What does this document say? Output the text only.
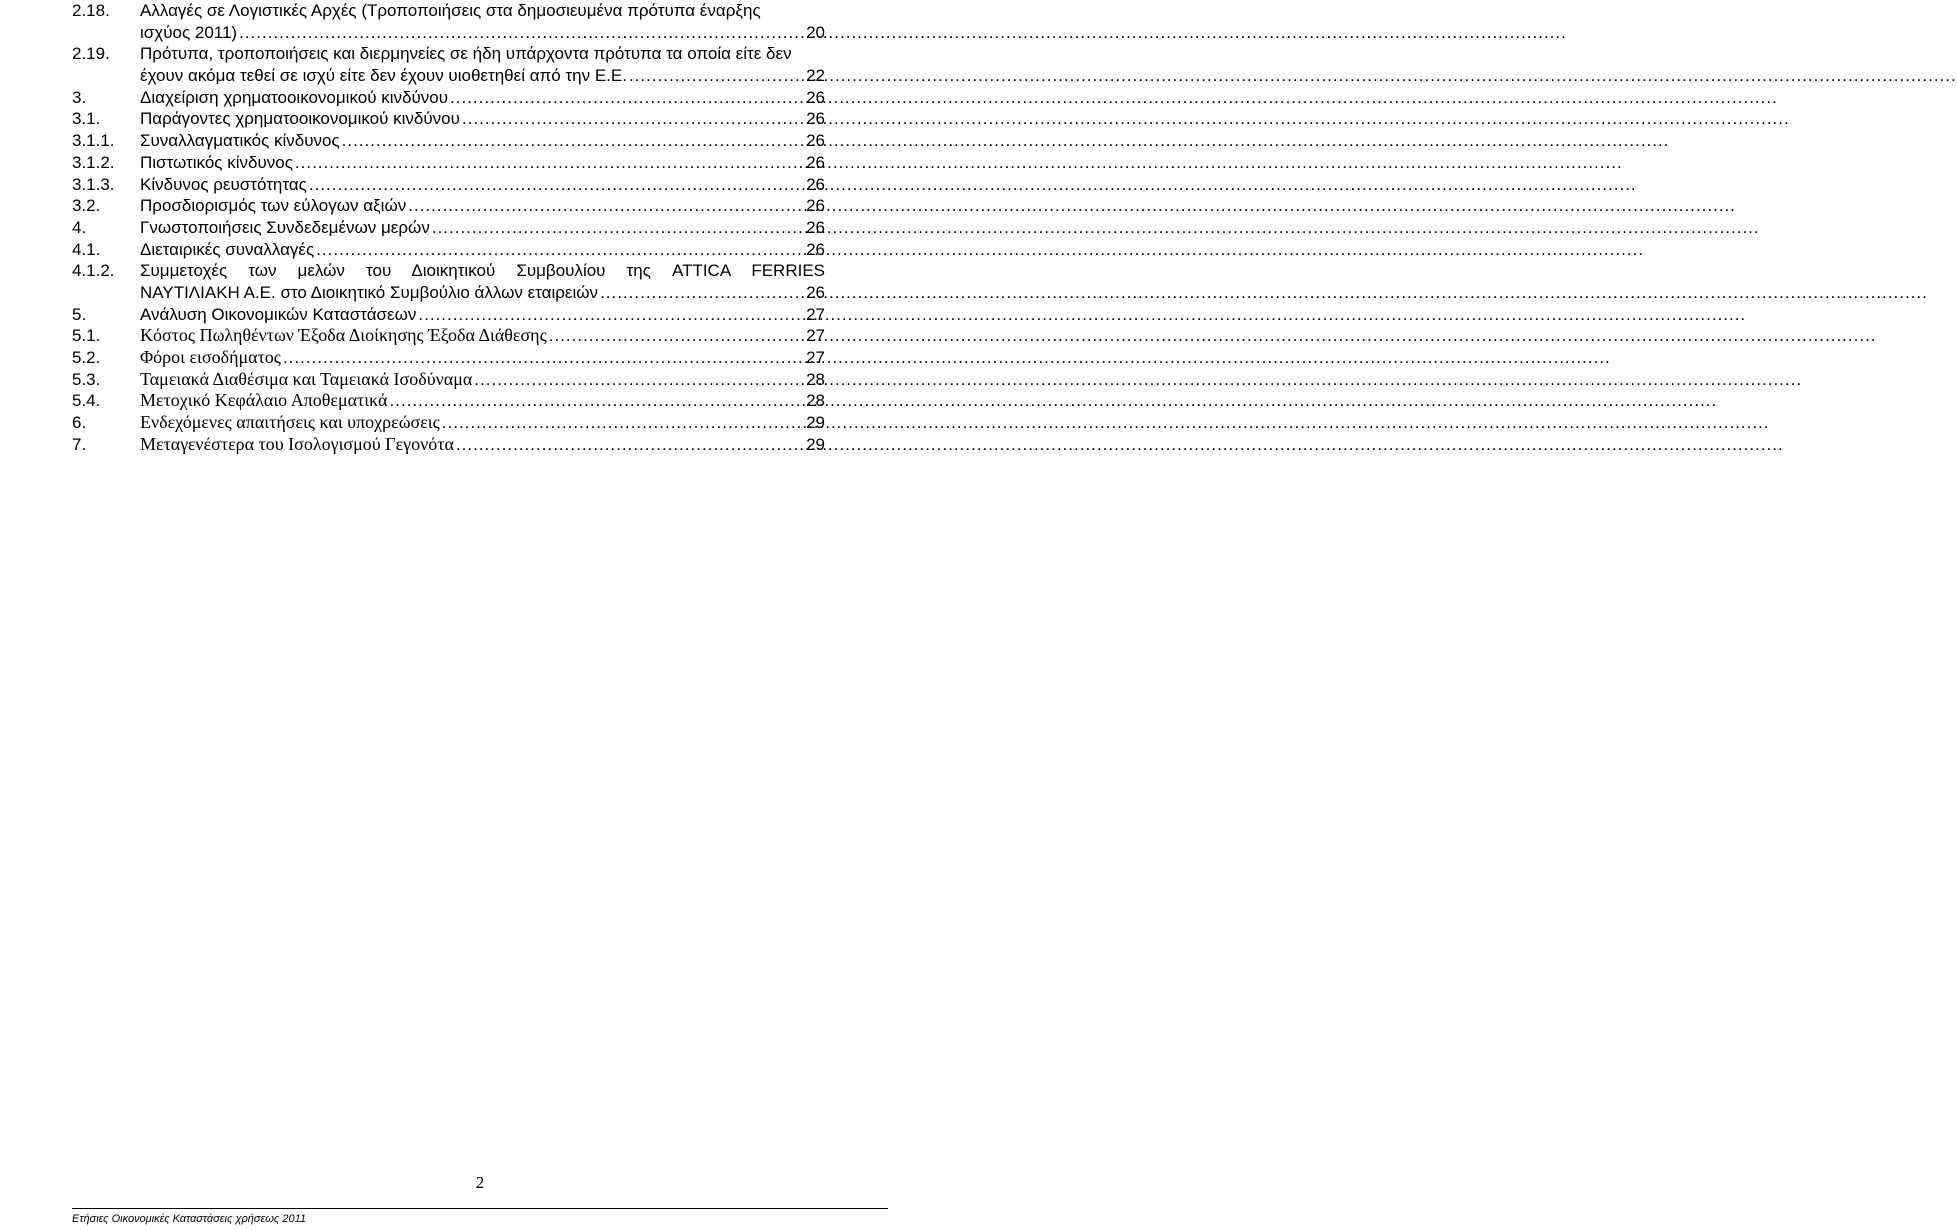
2.18.	Αλλαγές σε Λογιστικές Αρχές (Τροποποιήσεις στα δημοσιευμένα πρότυπα έναρξης
ισχύος 2011) .....	20
2.19.	Πρότυπα, τροποποιήσεις και διερμηνείες σε ήδη υπάρχοντα πρότυπα τα οποία είτε δεν
έχουν ακόμα τεθεί σε ισχύ είτε δεν έχουν υιοθετηθεί από την Ε.Ε. .....	22
3.	Διαχείριση χρηματοοικονομικού κινδύνου .....	26
3.1.	Παράγοντες χρηματοοικονομικού κινδύνου .....	26
3.1.1.	Συναλλαγματικός κίνδυνος .....	26
3.1.2.	Πιστωτικός κίνδυνος .....	26
3.1.3.	Κίνδυνος ρευστότητας .....	26
3.2.	Προσδιορισμός των εύλογων αξιών .....	26
4.	Γνωστοποιήσεις Συνδεδεμένων μερών .....	26
4.1.	Διεταιρικές συναλλαγές .....	26
4.1.2.	Συμμετοχές των μελών του Διοικητικού Συμβουλίου της ATTICA FERRIES
ΝΑΥΤΙΛΙΑΚΗ Α.Ε. στο Διοικητικό Συμβούλιο άλλων εταιρειών .....	26
5.	Ανάλυση Οικονομικών Καταστάσεων .....	27
5.1.	Κόστος Πωληθέντων Έξοδα Διοίκησης Έξοδα Διάθεσης .....	27
5.2.	Φόροι εισοδήματος .....	27
5.3.	Ταμειακά Διαθέσιμα και Ταμειακά Ισοδύναμα .....	28
5.4.	Μετοχικό Κεφάλαιο Αποθεματικά .....	28
6.	Ενδεχόμενες απαιτήσεις και υποχρεώσεις .....	29
7.	Μεταγενέστερα του Ισολογισμού Γεγονότα .....	29
2
Ετήσιες Οικονομικές Καταστάσεις χρήσεως 2011
